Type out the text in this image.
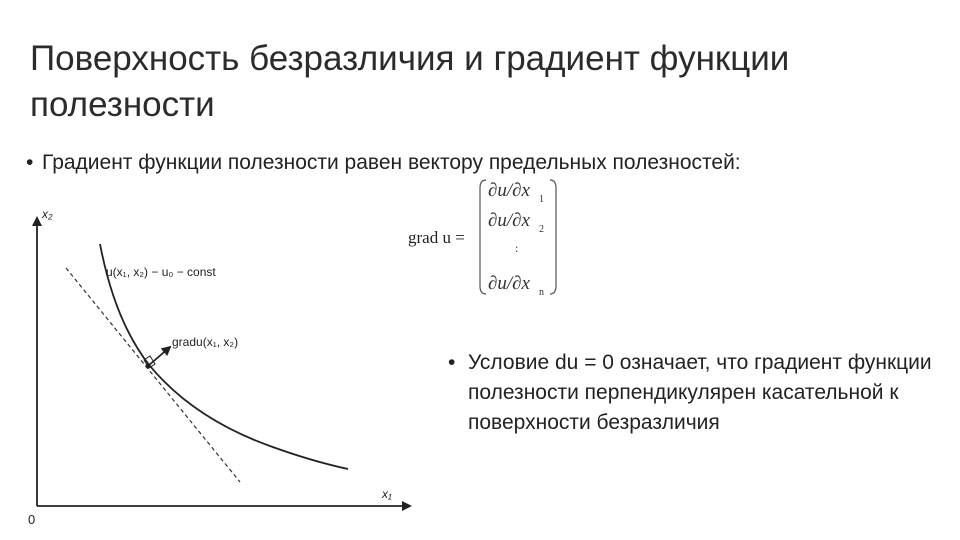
Поверхность безразличия и градиент функции полезности
• Градиент функции полезности равен вектору предельных полезностей:
grad u =
∂u/∂x 1
∂u/∂x 2
:
∂u/∂x n
x₂
x₁
0
u(x₁, x₂) − u₀ − const
gradu(x₁, x₂)
• Условие du = 0 означает, что градиент функции полезности перпендикулярен касательной к поверхности безразличия
